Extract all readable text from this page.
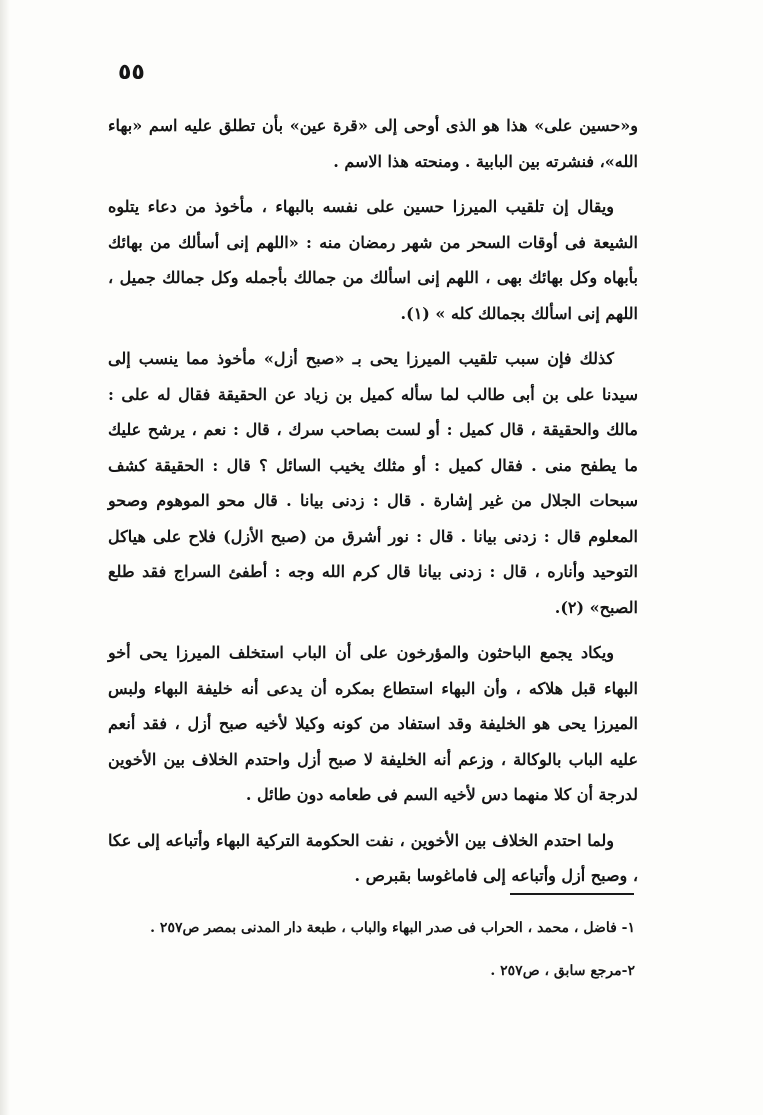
٥٥

و«حسين على» هذا هو الذى أوحى إلى «قرة عين» بأن تطلق عليه اسم «بهاء الله»، فنشرته بين البابية . ومنحته هذا الاسم .

ويقال إن تلقيب الميرزا حسين على نفسه بالبهاء ، مأخوذ من دعاء يتلوه الشيعة فى أوقات السحر من شهر رمضان منه : «اللهم إنى أسألك من بهائك بأبهاه وكل بهائك بهى ، اللهم إنى اسألك من جمالك بأجمله وكل جمالك جميل ، اللهم إنى اسألك بجمالك كله » (١).

كذلك فإن سبب تلقيب الميرزا يحى بـ «صبح أزل» مأخوذ مما ينسب إلى سيدنا على بن أبى طالب لما سأله كميل بن زياد عن الحقيقة فقال له على : مالك والحقيقة ، قال كميل : أو لست بصاحب سرك ، قال : نعم ، يرشح عليك ما يطفح منى . فقال كميل : أو مثلك يخيب السائل ؟ قال : الحقيقة كشف سبحات الجلال من غير إشارة . قال : زدنى بيانا . قال محو الموهوم وصحو المعلوم قال : زدنى بيانا . قال : نور أشرق من (صبح الأزل) فلاح على هياكل التوحيد وأناره ، قال : زدنى بيانا قال كرم الله وجه : أطفئ السراج فقد طلع الصبح» (٢).

ويكاد يجمع الباحثون والمؤرخون على أن الباب استخلف الميرزا يحى أخو البهاء قبل هلاكه ، وأن البهاء استطاع بمكره أن يدعى أنه خليفة البهاء ولبس الميرزا يحى هو الخليفة وقد استفاد من كونه وكيلا لأخيه صبح أزل ، فقد أنعم عليه الباب بالوكالة ، وزعم أنه الخليفة لا صبح أزل واحتدم الخلاف بين الأخوين لدرجة أن كلا منهما دس لأخيه السم فى طعامه دون طائل .

ولما احتدم الخلاف بين الأخوين ، نفت الحكومة التركية البهاء وأتباعه إلى عكا ، وصبح أزل وأتباعه إلى فاماغوسا بقبرص .

١- فاضل ، محمد ، الحراب فى صدر البهاء والباب ، طبعة دار المدنى بمصر ص٢٥٧ .

٢-مرجع سابق ، ص٢٥٧ .
